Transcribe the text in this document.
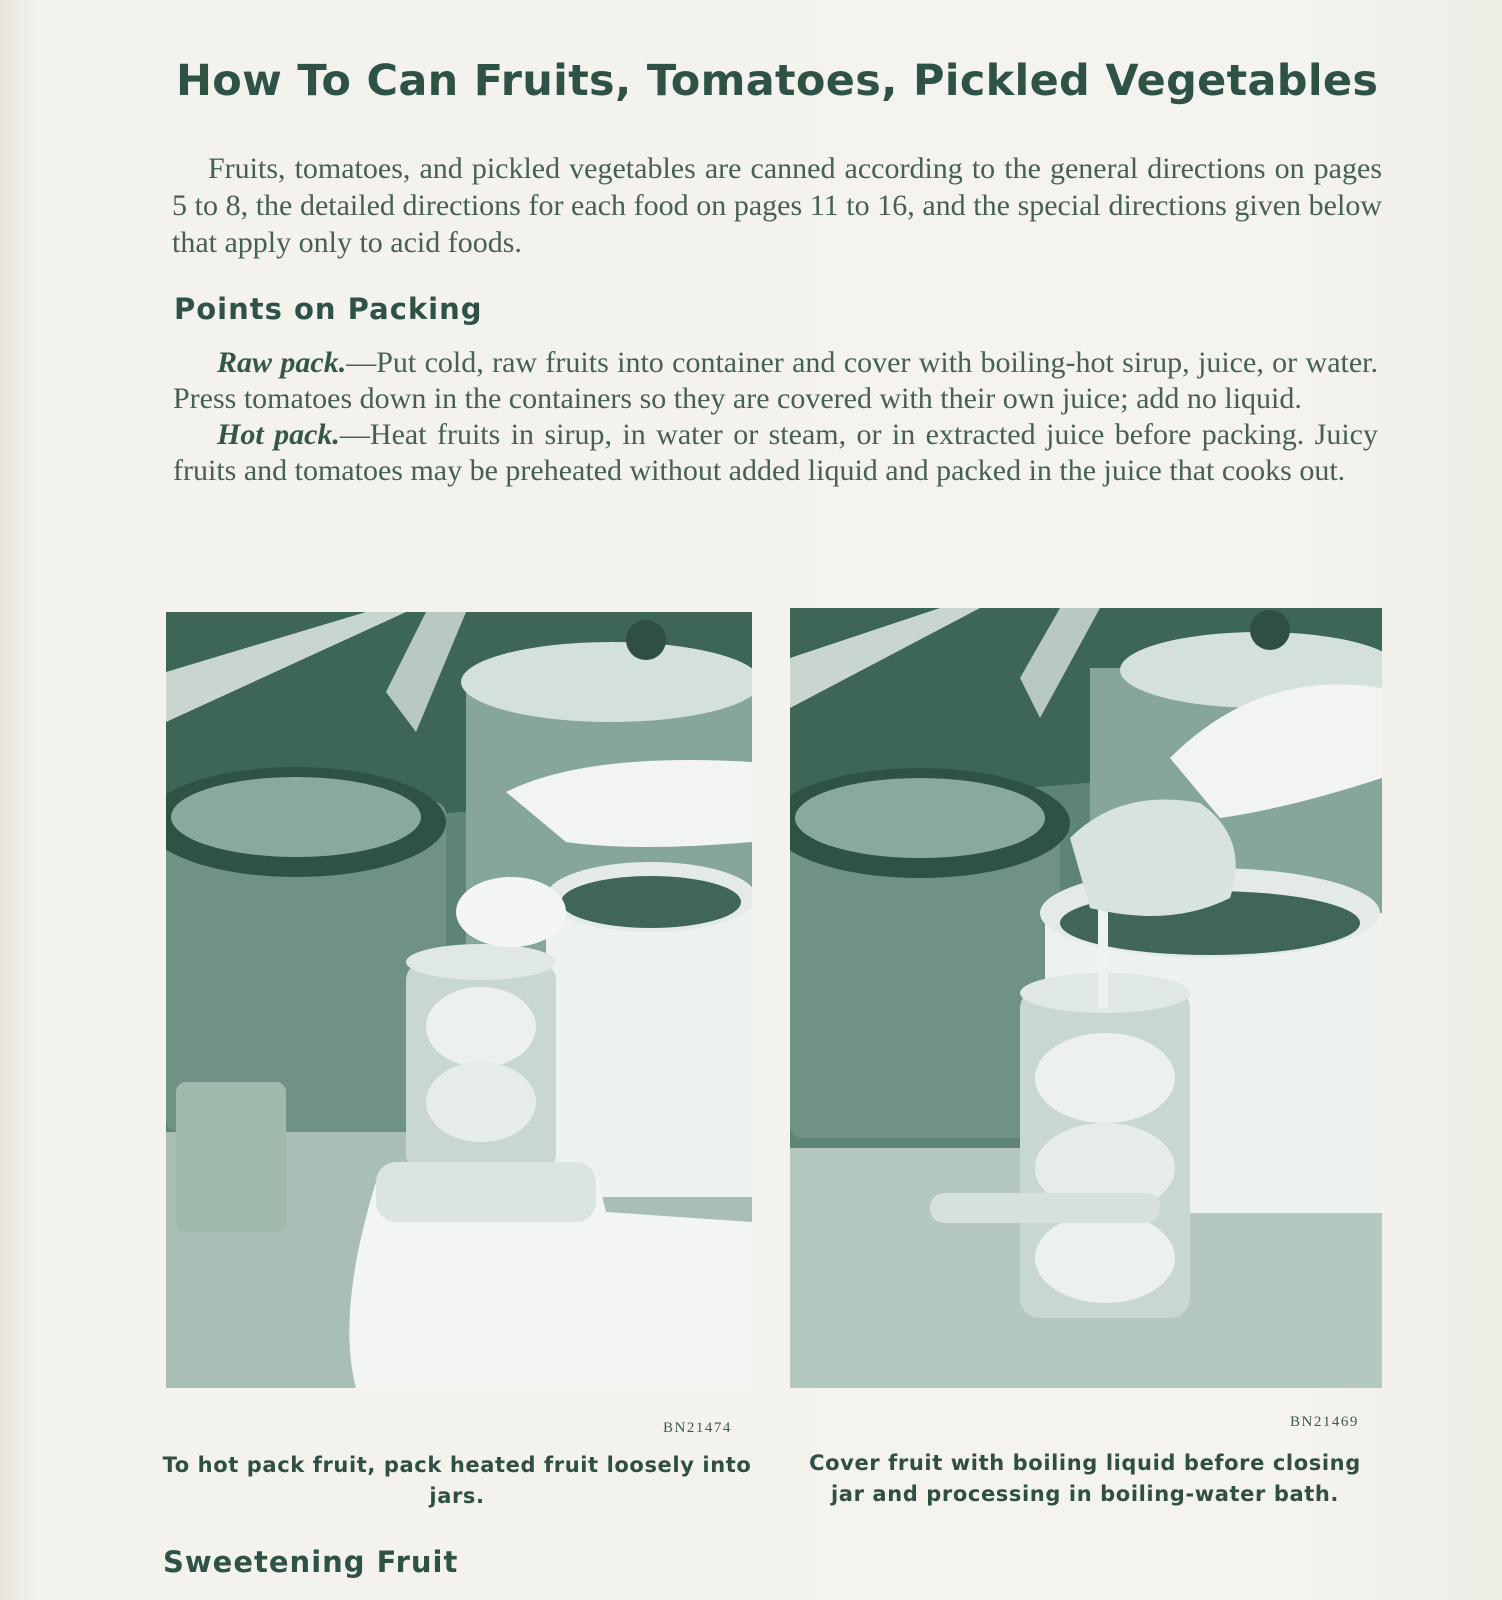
How To Can Fruits, Tomatoes, Pickled Vegetables

Fruits, tomatoes, and pickled vegetables are canned according to the general directions on pages 5 to 8, the detailed directions for each food on pages 11 to 16, and the special directions given below that apply only to acid foods.

Points on Packing

Raw pack.—Put cold, raw fruits into container and cover with boiling-hot sirup, juice, or water. Press tomatoes down in the containers so they are covered with their own juice; add no liquid.

Hot pack.—Heat fruits in sirup, in water or steam, or in extracted juice before packing. Juicy fruits and tomatoes may be preheated without added liquid and packed in the juice that cooks out.

BN21474

To hot pack fruit, pack heated fruit loosely into jars.

BN21469

Cover fruit with boiling liquid before closing jar and processing in boiling-water bath.

Sweetening Fruit
